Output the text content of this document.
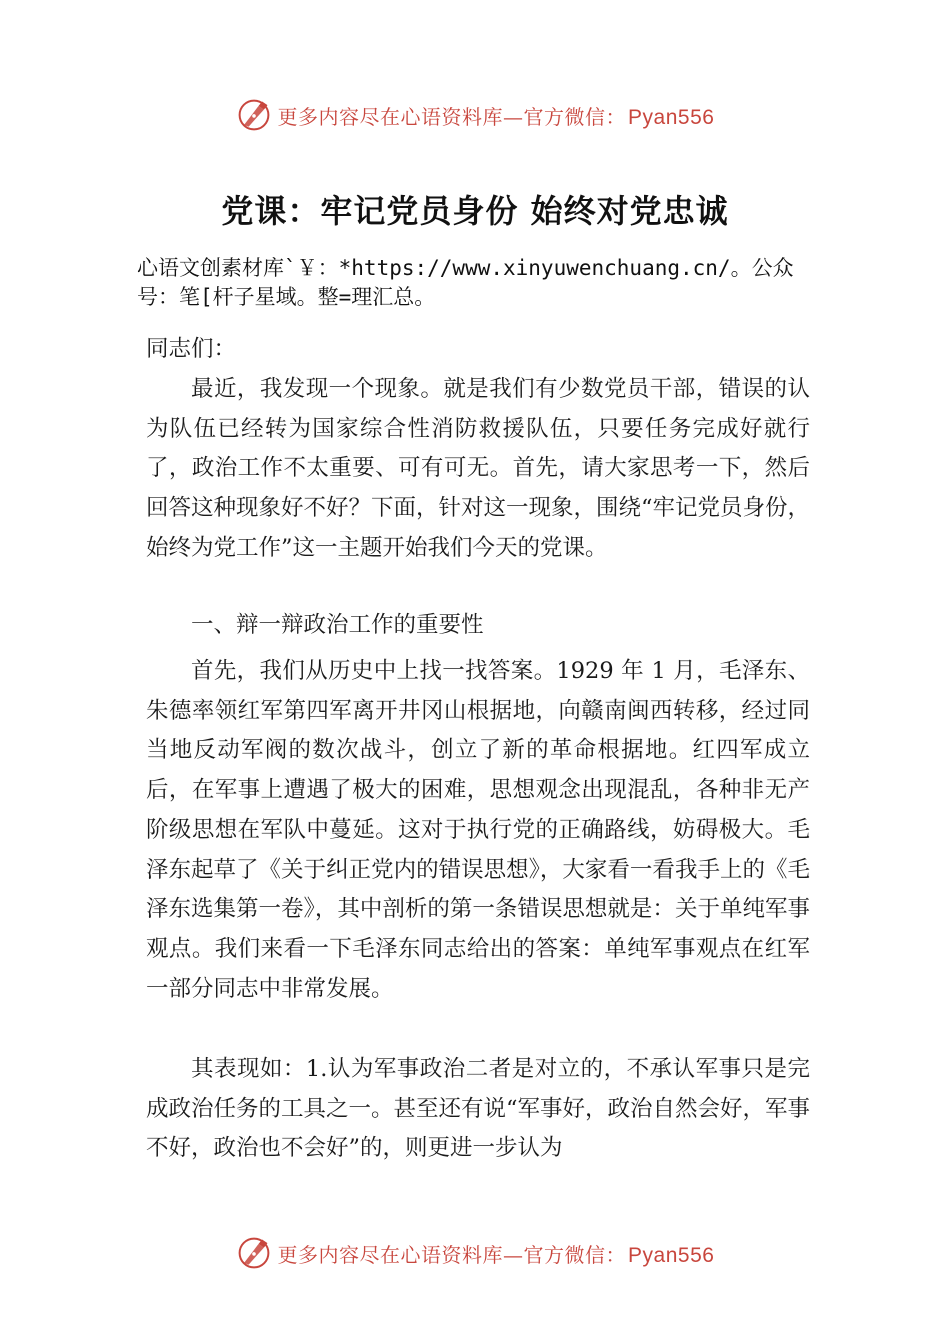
更多内容尽在心语资料库—官方微信：Pyan556
党课：牢记党员身份 始终对党忠诚
心语文创素材库`￥：*https://www.xinyuwenchuang.cn/。公众号：笔[杆子星域。整=理汇总。
同志们：

最近，我发现一个现象。就是我们有少数党员干部，错误的认为队伍已经转为国家综合性消防救援队伍，只要任务完成好就行了，政治工作不太重要、可有可无。首先，请大家思考一下，然后回答这种现象好不好？下面，针对这一现象，围绕“牢记党员身份，始终为党工作”这一主题开始我们今天的党课。

一、辩一辩政治工作的重要性

首先，我们从历史中上找一找答案。1929 年 1 月，毛泽东、朱德率领红军第四军离开井冈山根据地，向赣南闽西转移，经过同当地反动军阀的数次战斗，创立了新的革命根据地。红四军成立后，在军事上遭遇了极大的困难，思想观念出现混乱，各种非无产阶级思想在军队中蔓延。这对于执行党的正确路线，妨碍极大。毛泽东起草了《关于纠正党内的错误思想》，大家看一看我手上的《毛泽东选集第一卷》，其中剖析的第一条错误思想就是：关于单纯军事观点。我们来看一下毛泽东同志给出的答案：单纯军事观点在红军一部分同志中非常发展。

其表现如：1.认为军事政治二者是对立的，不承认军事只是完成政治任务的工具之一。甚至还有说“军事好，政治自然会好，军事不好，政治也不会好”的，则更进一步认为

更多内容尽在心语资料库—官方微信：Pyan556
